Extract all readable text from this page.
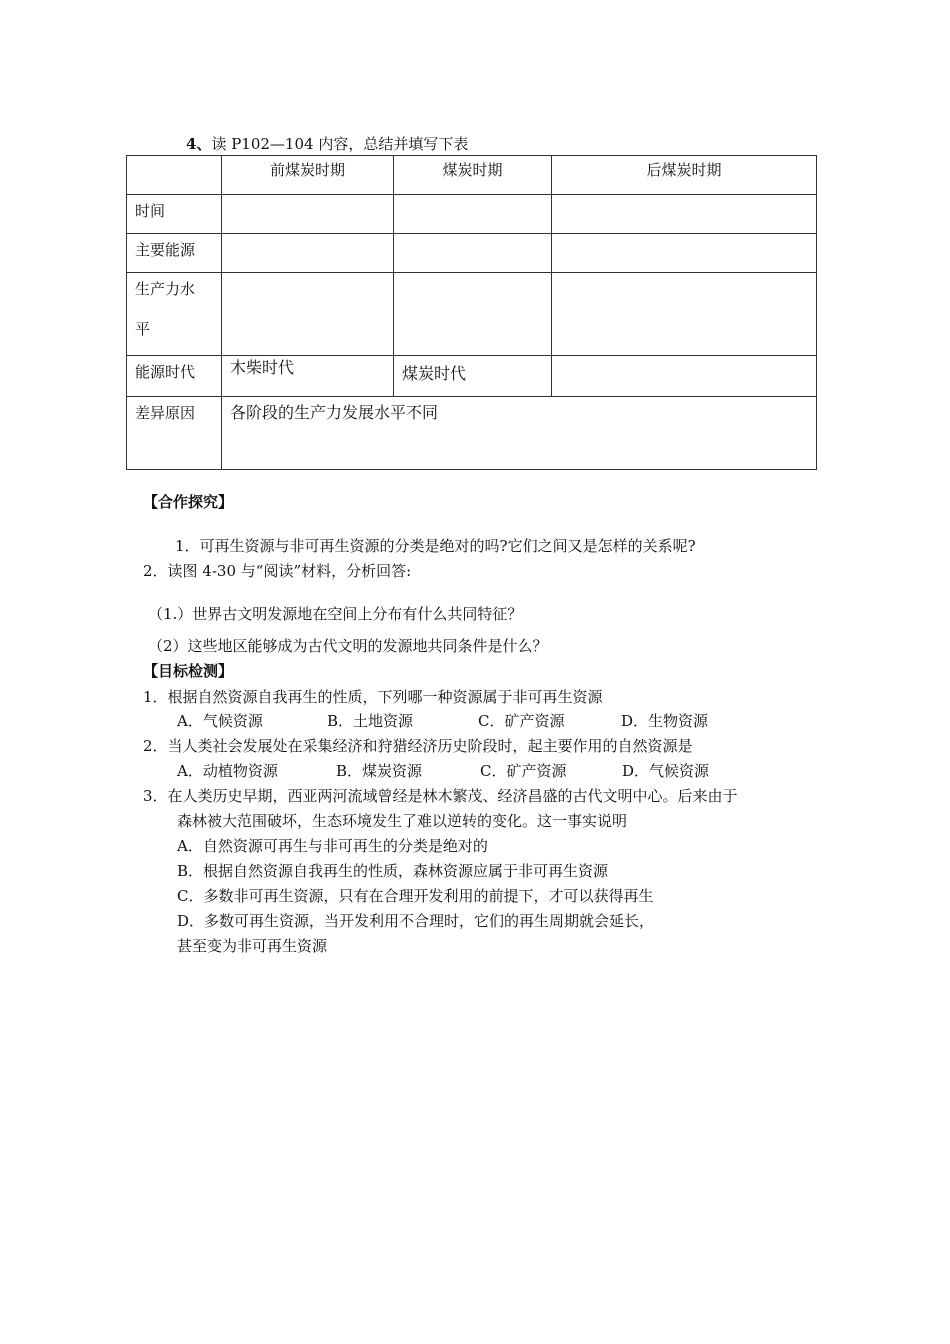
4、读 P102—104 内容，总结并填写下表
	前煤炭时期	煤炭时期	后煤炭时期
时间			
主要能源			

生产力水平			

能源时代	木柴时代	煤炭时代	
差异原因	各阶段的生产力发展水平不同		
【合作探究】
1．可再生资源与非可再生资源的分类是绝对的吗?它们之间又是怎样的关系呢?
2．读图 4-30 与“阅读”材料，分析回答:
（1.）世界古文明发源地在空间上分布有什么共同特征？
（2）这些地区能够成为古代文明的发源地共同条件是什么？
【目标检测】
1．根据自然资源自我再生的性质，下列哪一种资源属于非可再生资源
A．气候资源	B．土地资源	C．矿产资源	D．生物资源
2．当人类社会发展处在采集经济和狩猎经济历史阶段时，起主要作用的自然资源是
A．动植物资源	B．煤炭资源	C．矿产资源	D．气候资源
3．在人类历史早期，西亚两河流域曾经是林木繁茂、经济昌盛的古代文明中心。后来由于
森林被大范围破坏，生态环境发生了难以逆转的变化。这一事实说明
A．自然资源可再生与非可再生的分类是绝对的
B．根据自然资源自我再生的性质，森林资源应属于非可再生资源
C．多数非可再生资源，只有在合理开发利用的前提下，才可以获得再生
D．多数可再生资源，当开发利用不合理时，它们的再生周期就会延长，
甚至变为非可再生资源
